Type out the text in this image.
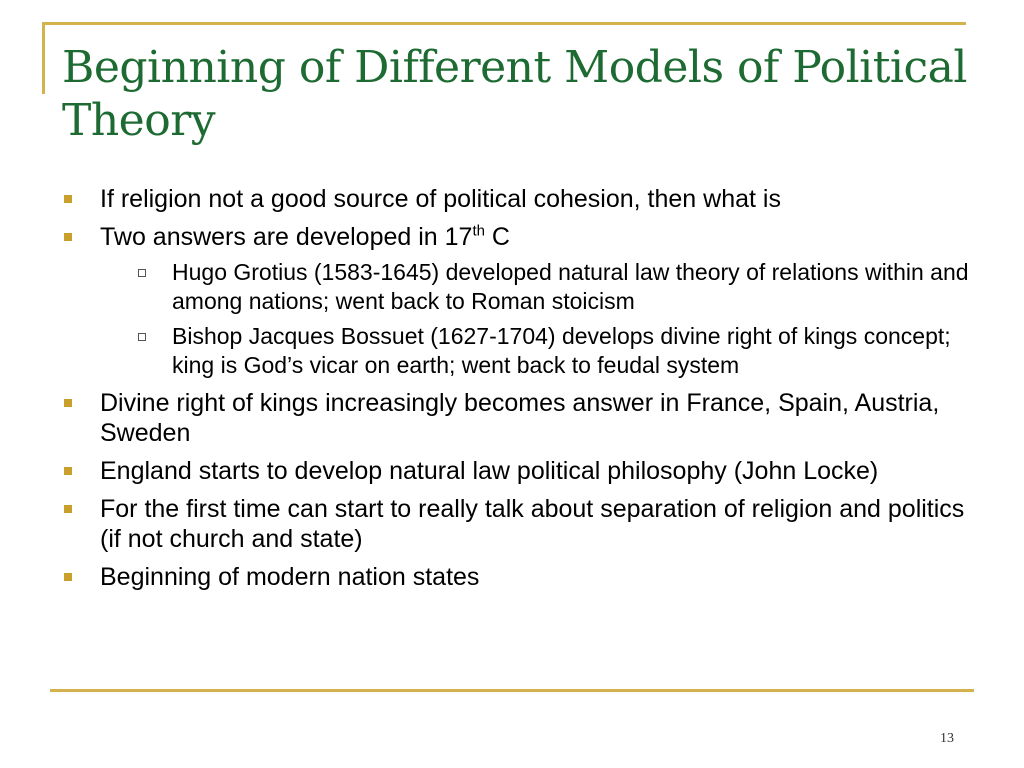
Beginning of Different Models of Political Theory
If religion not a good source of political cohesion, then what is
Two answers are developed in 17th C
Hugo Grotius (1583-1645) developed natural law theory of relations within and among nations; went back to Roman stoicism
Bishop Jacques Bossuet (1627-1704) develops divine right of kings concept; king is God’s vicar on earth; went back to feudal system
Divine right of kings increasingly becomes answer in France, Spain, Austria, Sweden
England starts to develop natural law political philosophy (John Locke)
For the first time can start to really talk about separation of religion and politics (if not church and state)
Beginning of modern nation states
13
